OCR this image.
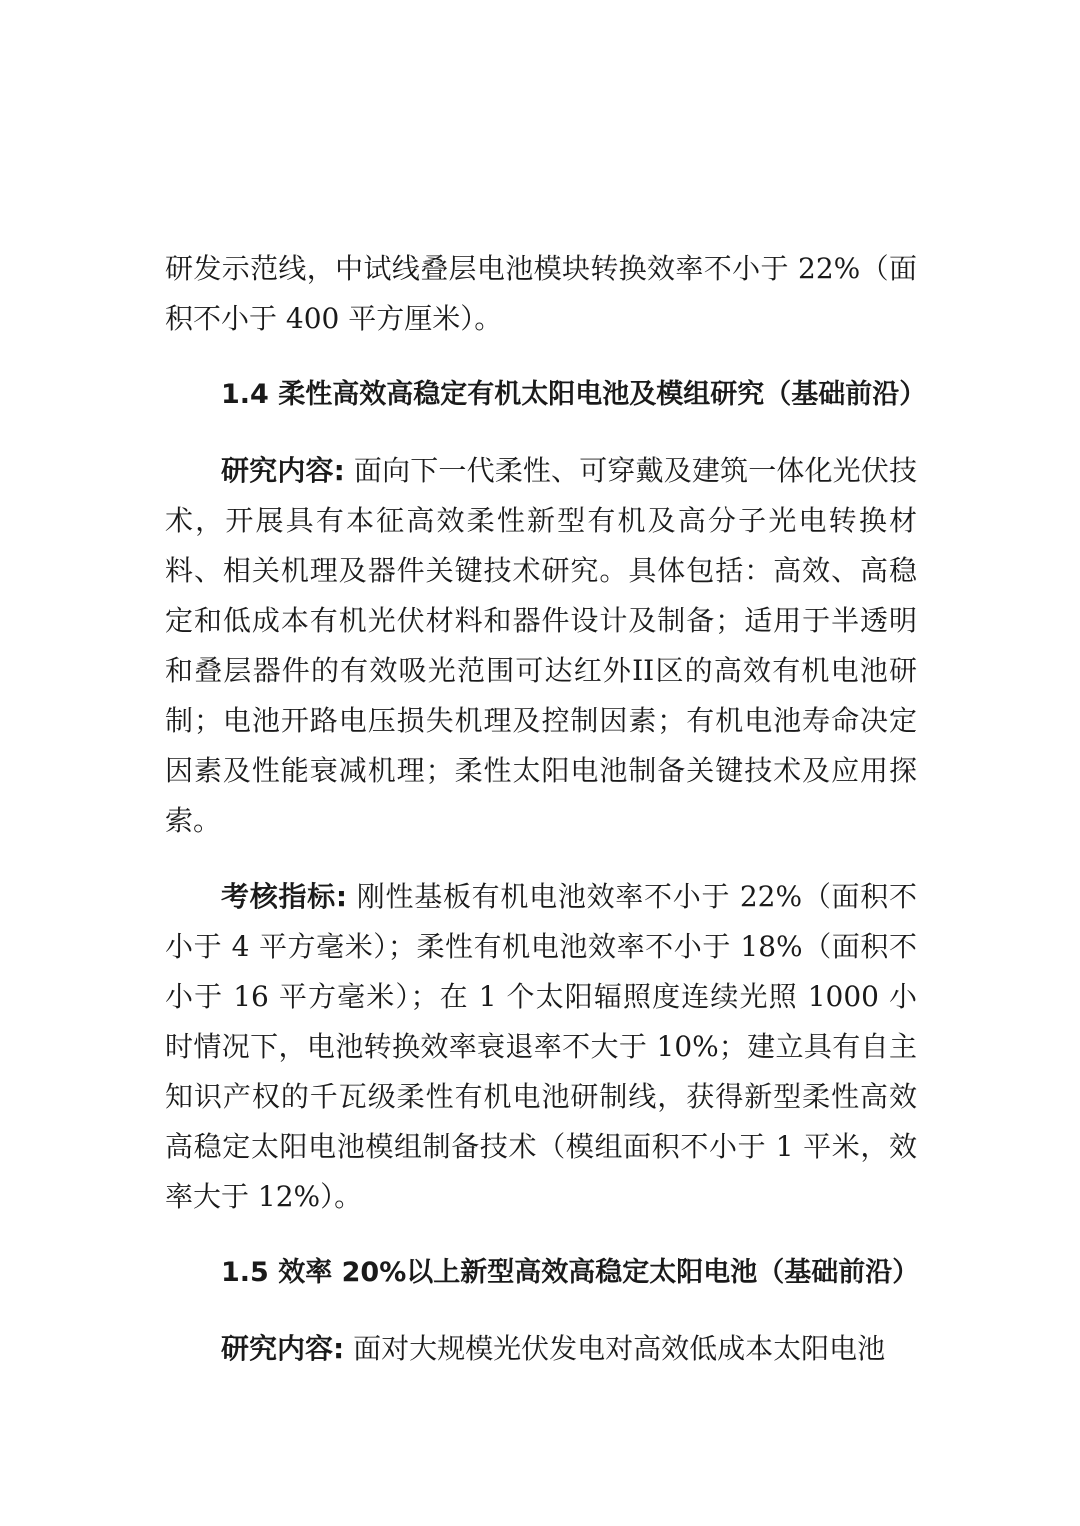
研发示范线，中试线叠层电池模块转换效率不小于 22%（面积不小于 400 平方厘米）。

1.4 柔性高效高稳定有机太阳电池及模组研究（基础前沿）

研究内容: 面向下一代柔性、可穿戴及建筑一体化光伏技术，开展具有本征高效柔性新型有机及高分子光电转换材料、相关机理及器件关键技术研究。具体包括：高效、高稳定和低成本有机光伏材料和器件设计及制备；适用于半透明和叠层器件的有效吸光范围可达红外II区的高效有机电池研制；电池开路电压损失机理及控制因素；有机电池寿命决定因素及性能衰减机理；柔性太阳电池制备关键技术及应用探索。

考核指标: 刚性基板有机电池效率不小于 22%（面积不小于 4 平方毫米）；柔性有机电池效率不小于 18%（面积不小于 16 平方毫米）；在 1 个太阳辐照度连续光照 1000 小时情况下，电池转换效率衰退率不大于 10%；建立具有自主知识产权的千瓦级柔性有机电池研制线，获得新型柔性高效高稳定太阳电池模组制备技术（模组面积不小于 1 平米，效率大于 12%）。

1.5 效率 20%以上新型高效高稳定太阳电池（基础前沿）

研究内容: 面对大规模光伏发电对高效低成本太阳电池
